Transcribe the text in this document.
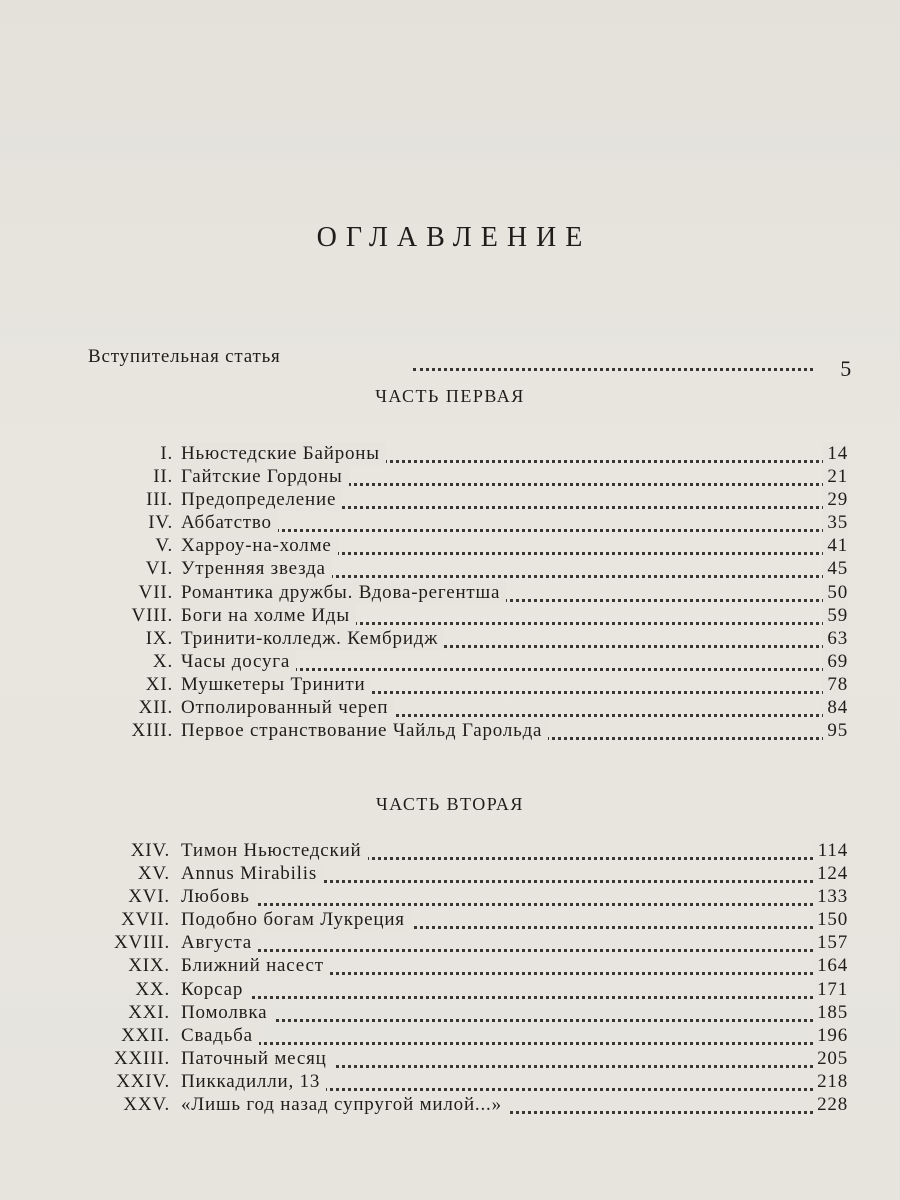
ОГЛАВЛЕНИЕ
Вступительная статья	5
ЧАСТЬ ПЕРВАЯ
I. Ньюстедские Байроны	14
II. Гайтские Гордоны	21
III. Предопределение	29
IV. Аббатство	35
V. Харроу-на-холме	41
VI. Утренняя звезда	45
VII. Романтика дружбы. Вдова-регентша	50
VIII. Боги на холме Иды	59
IX. Тринити-колледж. Кембридж	63
X. Часы досуга	69
XI. Мушкетеры Тринити	78
XII. Отполированный череп	84
XIII. Первое странствование Чайльд Гарольда	95
ЧАСТЬ ВТОРАЯ
XIV. Тимон Ньюстедский	114
XV. Annus Mirabilis	124
XVI. Любовь	133
XVII. Подобно богам Лукреция	150
XVIII. Августа	157
XIX. Ближний насест	164
XX. Корсар	171
XXI. Помолвка	185
XXII. Свадьба	196
XXIII. Паточный месяц	205
XXIV. Пиккадилли, 13	218
XXV. «Лишь год назад супругой милой...»	228
